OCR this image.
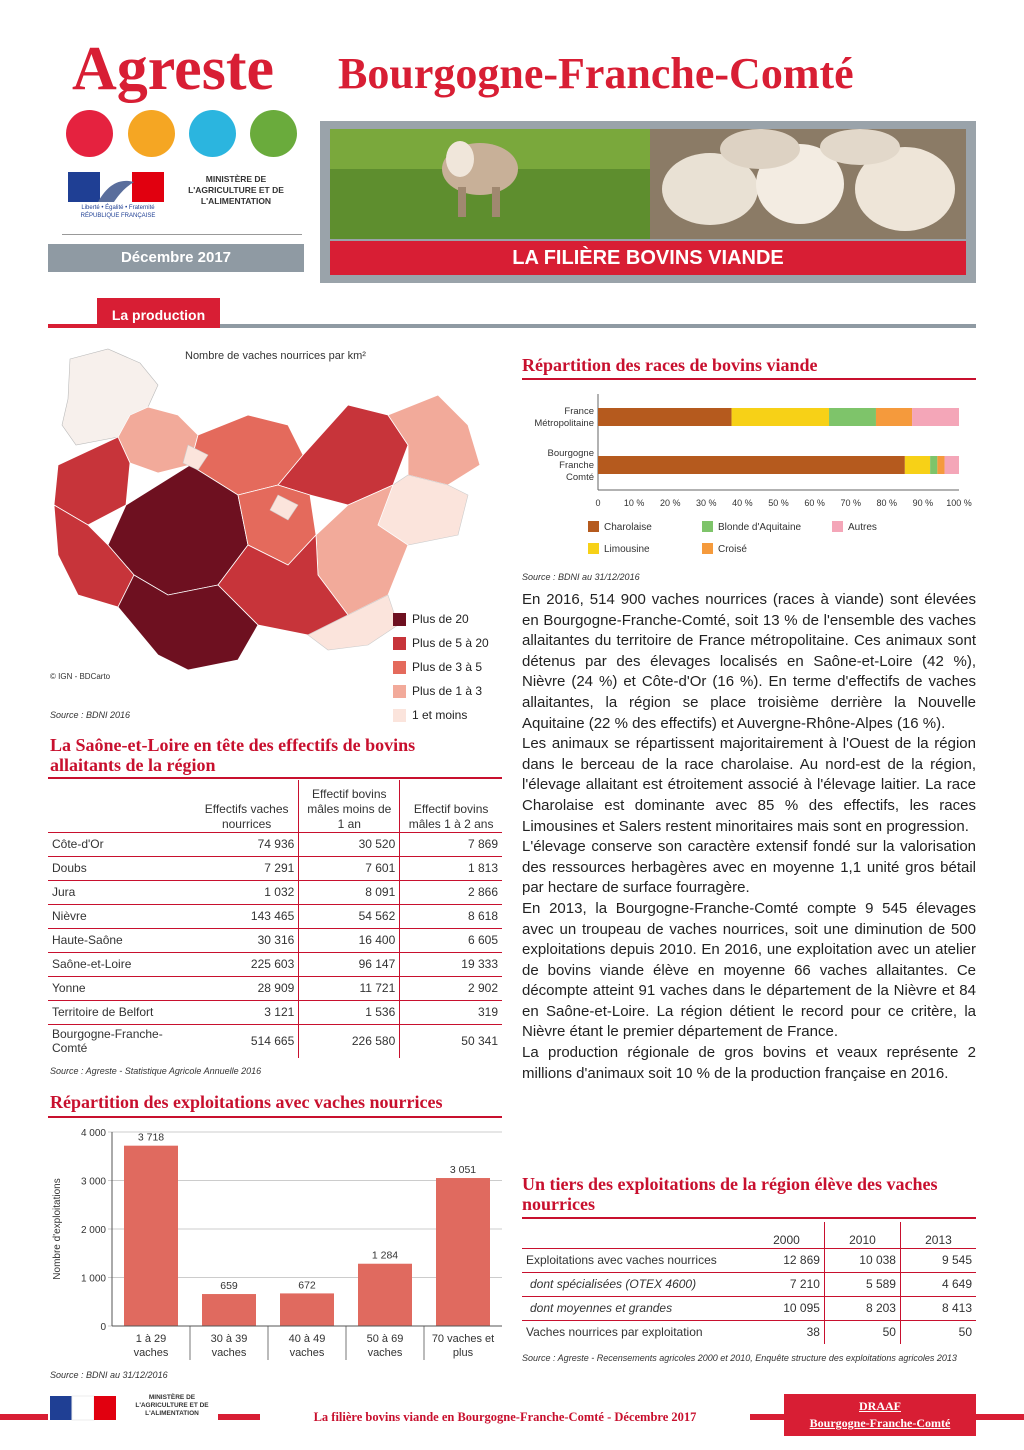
Agreste Bourgogne-Franche-Comté
Liberté • Égalité • Fraternité RÉPUBLIQUE FRANÇAISE
MINISTÈRE DE L'AGRICULTURE ET DE L'ALIMENTATION
Décembre 2017	LA FILIÈRE BOVINS VIANDE
La production
Nombre de vaches nourrices par km²
Plus de 20
Plus de 5 à 20
Plus de 3 à 5
Plus de 1 à 3
1 et moins
© IGN - BDCarto
Source : BDNI 2016
Répartition des races de bovins viande
0	10 % 20 % 30 % 40 % 50 % 60 % 70 % 80 % 90 % 100 %
France
Métropolitaine
Bourgogne
Franche
Comté
Charolaise
Limousine
Blonde d'Aquitaine
Croisé
Autres
Source : BDNI au 31/12/2016

En 2016, 514 900 vaches nourrices (races à viande) sont élevées en Bourgogne-Franche-Comté, soit 13 % de l'ensemble des vaches allaitantes du territoire de France métropolitaine. Ces animaux sont détenus par des élevages localisés en Saône-et-Loire (42 %), Nièvre (24 %) et Côte-d'Or (16 %). En terme d'effectifs de vaches allaitantes, la région se place troisième derrière la Nouvelle Aquitaine (22 % des effectifs) et Auvergne-Rhône-Alpes (16 %).

Les animaux se répartissent majoritairement à l'Ouest de la région dans le berceau de la race charolaise. Au nord-est de la région, l'élevage allaitant est étroitement associé à l'élevage laitier. La race Charolaise est dominante avec 85 % des effectifs, les races Limousines et Salers restent minoritaires mais sont en progression.

L'élevage conserve son caractère extensif fondé sur la valorisation des ressources herbagères avec en moyenne 1,1 unité gros bétail par hectare de surface fourragère.

En 2013, la Bourgogne-Franche-Comté compte 9 545 élevages avec un troupeau de vaches nourrices, soit une diminution de 500 exploitations depuis 2010. En 2016, une exploitation avec un atelier de bovins viande élève en moyenne 66 vaches allaitantes. Ce décompte atteint 91 vaches dans le département de la Nièvre et 84 en Saône-et-Loire. La région détient le record pour ce critère, la Nièvre étant le premier département de France.

La production régionale de gros bovins et veaux représente 2 millions d'animaux soit 10 % de la production française en 2016.

La Saône-et-Loire en tête des effectifs de bovins allaitants de la région
	Effectifs vaches nourrices	Effectif bovins mâles moins de 1 an	Effectif bovins mâles 1 à 2 ans
Côte-d'Or	74 936	30 520	7 869
Doubs	7 291	7 601	1 813
Jura	1 032	8 091	2 866
Nièvre	143 465	54 562	8 618
Haute-Saône	30 316	16 400	6 605
Saône-et-Loire	225 603	96 147	19 333
Yonne	28 909	11 721	2 902
Territoire de Belfort	3 121	1 536	319
Bourgogne-Franche-Comté	514 665	226 580	50 341
Source : Agreste - Statistique Agricole Annuelle 2016
Répartition des exploitations avec vaches nourrices
Nombre d'exploitations
0
1 000
2 000
3 000
4 000	3 718
1 à 29
vaches
659
30 à 39
vaches
672
40 à 49
vaches
1 284
50 à 69
vaches
3 051
70 vaches et
plus
Source : BDNI au 31/12/2016
Un tiers des exploitations de la région élève des vaches nourrices
	2000	2010	2013
Exploitations avec vaches nourrices	12 869	10 038	9 545
dont spécialisées (OTEX 4600)	7 210	5 589	4 649
dont moyennes et grandes	10 095	8 203	8 413
Vaches nourrices par exploitation	38	50	50
Source : Agreste - Recensements agricoles 2000 et 2010, Enquête structure des exploitations agricoles 2013
MINISTÈRE DE L'AGRICULTURE ET DE L'ALIMENTATION	La filière bovins viande en Bourgogne-Franche-Comté - Décembre 2017
DRAAF
Bourgogne-Franche-Comté
